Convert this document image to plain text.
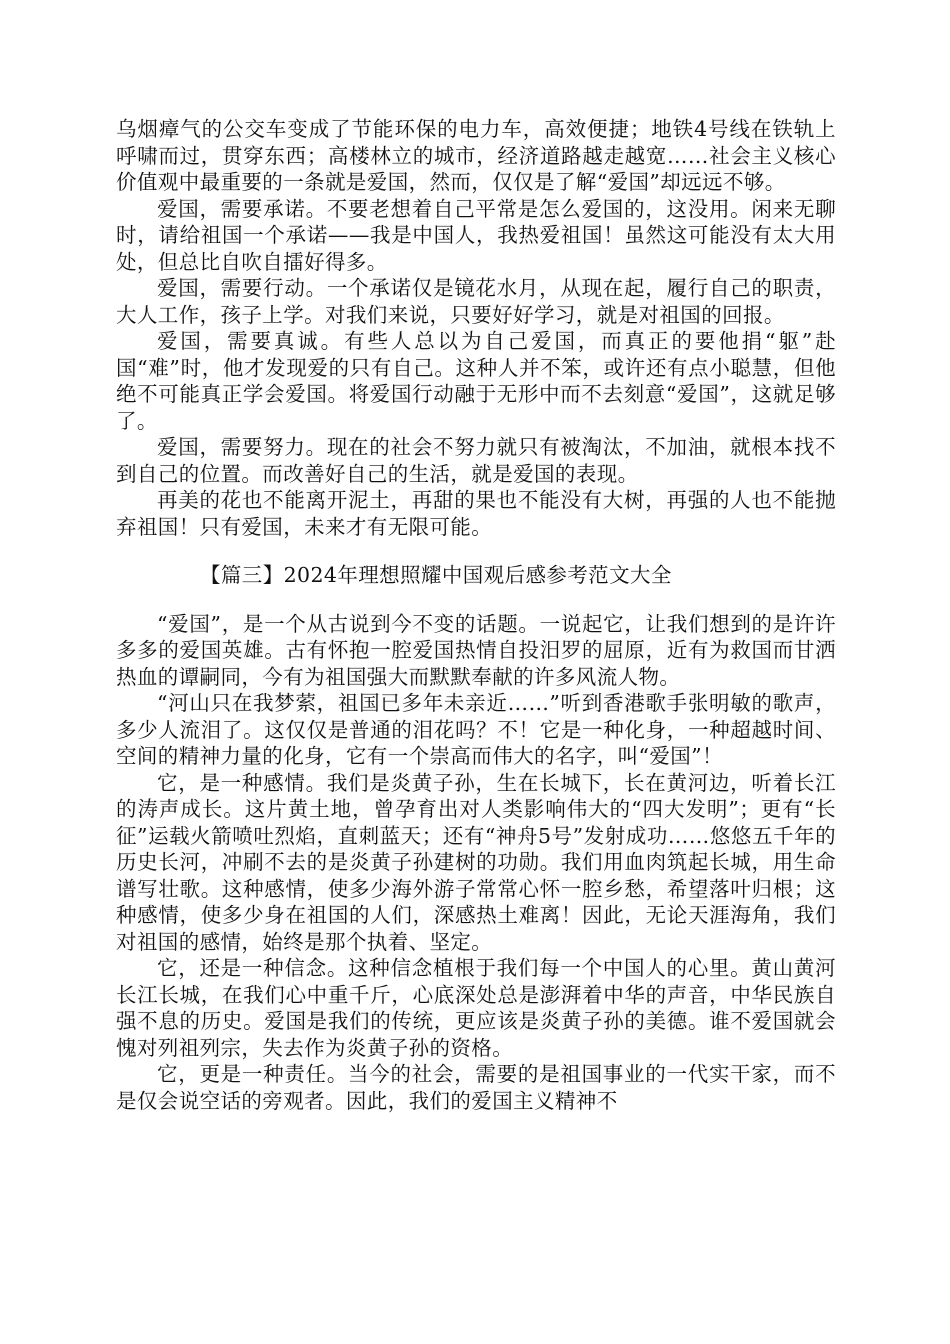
乌烟瘴气的公交车变成了节能环保的电力车，高效便捷；地铁4号线在铁轨上呼啸而过，贯穿东西；高楼林立的城市，经济道路越走越宽……社会主义核心价值观中最重要的一条就是爱国，然而，仅仅是了解“爱国”却远远不够。

爱国，需要承诺。不要老想着自己平常是怎么爱国的，这没用。闲来无聊时，请给祖国一个承诺——我是中国人，我热爱祖国！虽然这可能没有太大用处，但总比自吹自擂好得多。

爱国，需要行动。一个承诺仅是镜花水月，从现在起，履行自己的职责，大人工作，孩子上学。对我们来说，只要好好学习，就是对祖国的回报。

爱国，需要真诚。有些人总以为自己爱国，而真正的要他捐“躯”赴国“难”时，他才发现爱的只有自己。这种人并不笨，或许还有点小聪慧，但他绝不可能真正学会爱国。将爱国行动融于无形中而不去刻意“爱国”，这就足够了。

爱国，需要努力。现在的社会不努力就只有被淘汰，不加油，就根本找不到自己的位置。而改善好自己的生活，就是爱国的表现。

再美的花也不能离开泥土，再甜的果也不能没有大树，再强的人也不能抛弃祖国！只有爱国，未来才有无限可能。

【篇三】2024年理想照耀中国观后感参考范文大全

“爱国”，是一个从古说到今不变的话题。一说起它，让我们想到的是许许多多的爱国英雄。古有怀抱一腔爱国热情自投汨罗的屈原，近有为救国而甘洒热血的谭嗣同，今有为祖国强大而默默奉献的许多风流人物。

“河山只在我梦萦，祖国已多年未亲近……”听到香港歌手张明敏的歌声，多少人流泪了。这仅仅是普通的泪花吗？不！它是一种化身，一种超越时间、空间的精神力量的化身，它有一个崇高而伟大的名字，叫“爱国”！

它，是一种感情。我们是炎黄子孙，生在长城下，长在黄河边，听着长江的涛声成长。这片黄土地，曾孕育出对人类影响伟大的“四大发明”；更有“长征”运载火箭喷吐烈焰，直刺蓝天；还有“神舟5号”发射成功……悠悠五千年的历史长河，冲刷不去的是炎黄子孙建树的功勋。我们用血肉筑起长城，用生命谱写壮歌。这种感情，使多少海外游子常常心怀一腔乡愁，希望落叶归根；这种感情，使多少身在祖国的人们，深感热土难离！因此，无论天涯海角，我们对祖国的感情，始终是那个执着、坚定。

它，还是一种信念。这种信念植根于我们每一个中国人的心里。黄山黄河长江长城，在我们心中重千斤，心底深处总是澎湃着中华的声音，中华民族自强不息的历史。爱国是我们的传统，更应该是炎黄子孙的美德。谁不爱国就会愧对列祖列宗，失去作为炎黄子孙的资格。

它，更是一种责任。当今的社会，需要的是祖国事业的一代实干家，而不是仅会说空话的旁观者。因此，我们的爱国主义精神不
